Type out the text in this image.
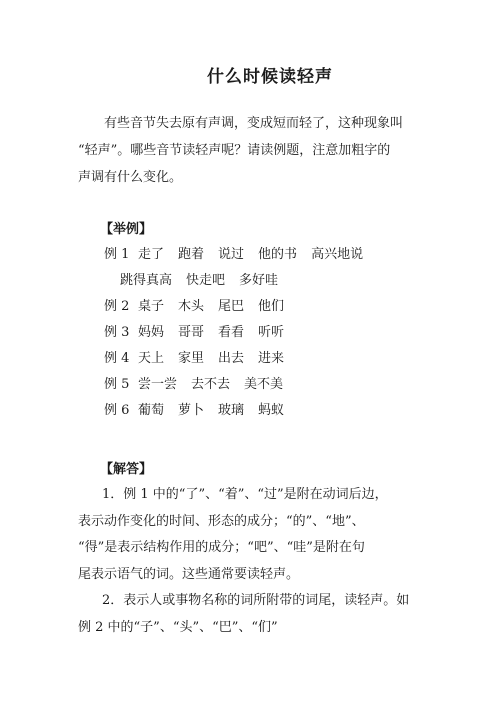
什么时候读轻声
有些音节失去原有声调，变成短而轻了，这种现象叫
“轻声”。哪些音节读轻声呢？请读例题，注意加粗字的
声调有什么变化。
【举例】
例 1 走了 跑着 说过 他的书 高兴地说
跳得真高 快走吧 多好哇
例 2 桌子 木头 尾巴 他们
例 3 妈妈 哥哥 看看 听听
例 4 天上 家里 出去 进来
例 5 尝一尝 去不去 美不美
例 6 葡萄 萝卜 玻璃 蚂蚁
【解答】
1．例 1 中的“了”、“着”、“过”是附在动词后边，
表示动作变化的时间、形态的成分；“的”、“地”、
“得”是表示结构作用的成分；“吧”、“哇”是附在句
尾表示语气的词。这些通常要读轻声。
2．表示人或事物名称的词所附带的词尾，读轻声。如
例 2 中的“子”、“头”、“巴”、“们”
